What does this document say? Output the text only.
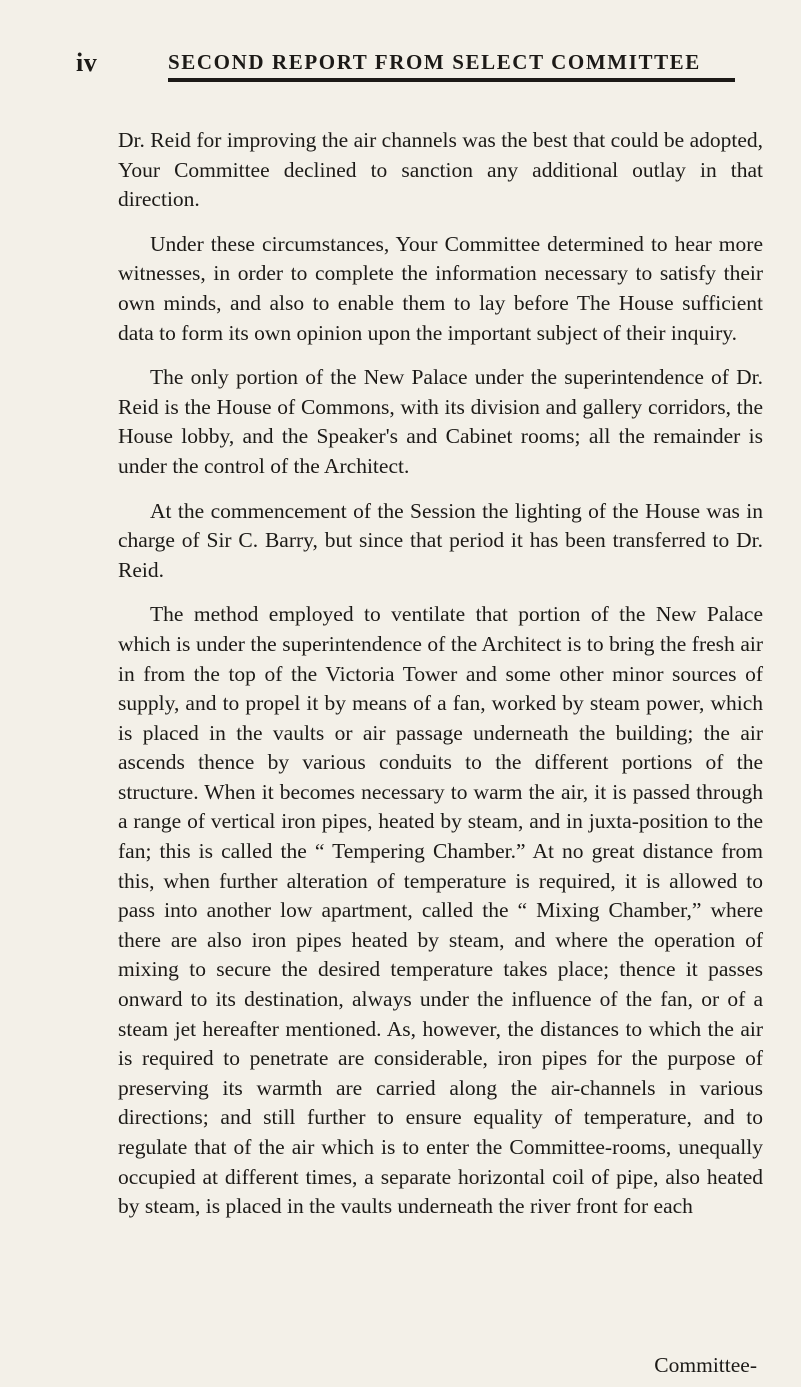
iv	SECOND REPORT FROM SELECT COMMITTEE

Dr. Reid for improving the air channels was the best that could be adopted, Your Committee declined to sanction any additional outlay in that direction.

Under these circumstances, Your Committee determined to hear more witnesses, in order to complete the information necessary to satisfy their own minds, and also to enable them to lay before The House sufficient data to form its own opinion upon the important subject of their inquiry.

The only portion of the New Palace under the superintendence of Dr. Reid is the House of Commons, with its division and gallery corridors, the House lobby, and the Speaker's and Cabinet rooms; all the remainder is under the control of the Architect.

At the commencement of the Session the lighting of the House was in charge of Sir C. Barry, but since that period it has been transferred to Dr. Reid.

The method employed to ventilate that portion of the New Palace which is under the superintendence of the Architect is to bring the fresh air in from the top of the Victoria Tower and some other minor sources of supply, and to propel it by means of a fan, worked by steam power, which is placed in the vaults or air passage underneath the building; the air ascends thence by various conduits to the different portions of the structure. When it becomes necessary to warm the air, it is passed through a range of vertical iron pipes, heated by steam, and in juxta-position to the fan; this is called the “ Tempering Chamber.” At no great distance from this, when further alteration of temperature is required, it is allowed to pass into another low apartment, called the “ Mixing Chamber,” where there are also iron pipes heated by steam, and where the operation of mixing to secure the desired temperature takes place; thence it passes onward to its destination, always under the influence of the fan, or of a steam jet hereafter mentioned. As, however, the distances to which the air is required to penetrate are considerable, iron pipes for the purpose of preserving its warmth are carried along the air-channels in various directions; and still further to ensure equality of temperature, and to regulate that of the air which is to enter the Committee-rooms, unequally occupied at different times, a separate horizontal coil of pipe, also heated by steam, is placed in the vaults underneath the river front for each

Committee-
